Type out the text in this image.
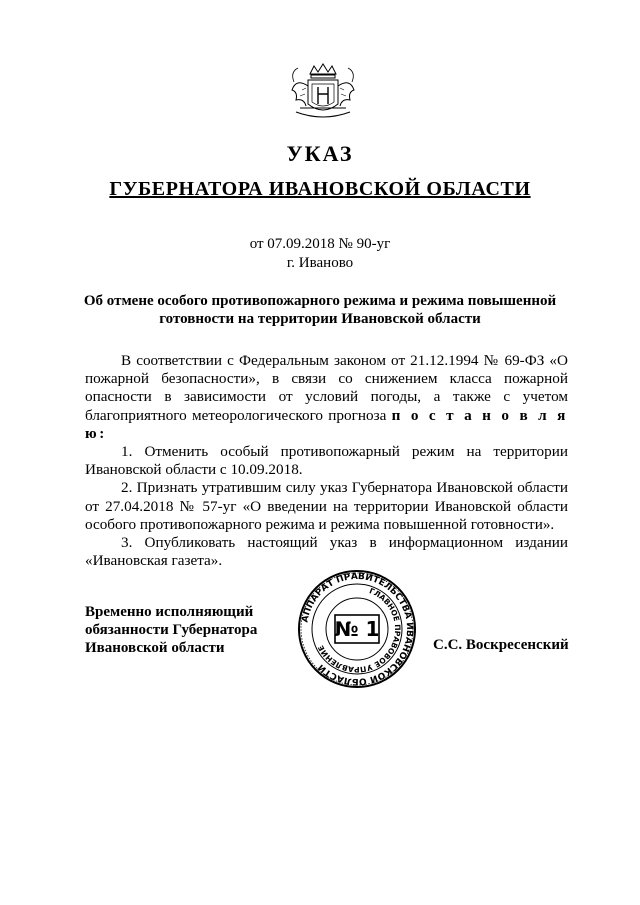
УКАЗ
ГУБЕРНАТОРА ИВАНОВСКОЙ ОБЛАСТИ
от 07.09.2018 № 90-уг
г. Иваново
Об отмене особого противопожарного режима и режима повышенной
готовности на территории Ивановской области

В соответствии с Федеральным законом от 21.12.1994 № 69-ФЗ «О пожарной безопасности», в связи со снижением класса пожарной опасности в зависимости от условий погоды, а также с учетом благоприятного метеорологического прогноза п о с т а н о в л я ю:

1. Отменить особый противопожарный режим на территории Ивановской области с 10.09.2018.

2. Признать утратившим силу указ Губернатора Ивановской области от 27.04.2018 № 57-уг «О введении на территории Ивановской области особого противопожарного режима и режима повышенной готовности».

3. Опубликовать настоящий указ в информационном издании «Ивановская газета».

Временно исполняющий
обязанности Губернатора
Ивановской области
АППАРАТ ПРАВИТЕЛЬСТВА ИВАНОВСКОЙ ОБЛАСТИ
ГЛАВНОЕ ПРАВОВОЕ УПРАВЛЕНИЕ
№ 1
С.С. Воскресенский
